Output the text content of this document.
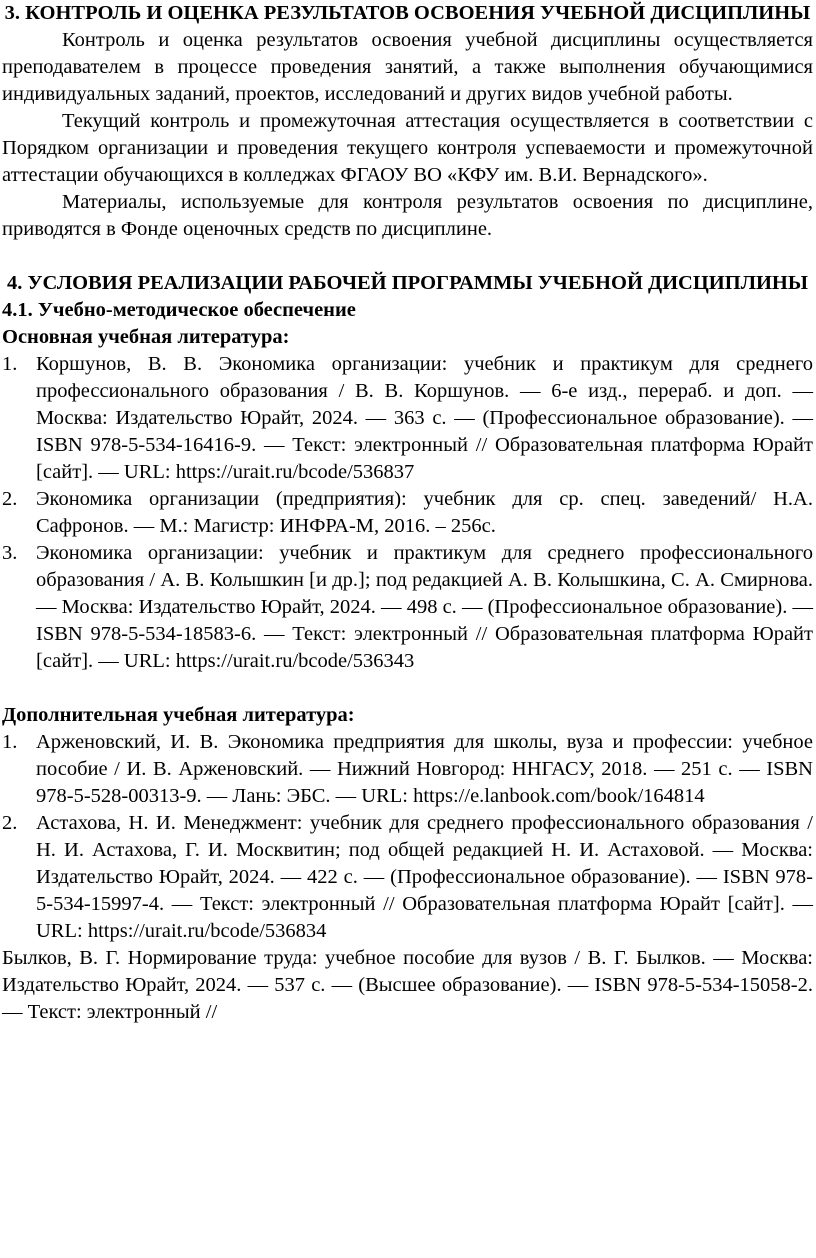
3. КОНТРОЛЬ И ОЦЕНКА РЕЗУЛЬТАТОВ ОСВОЕНИЯ УЧЕБНОЙ ДИСЦИПЛИНЫ

Контроль и оценка результатов освоения учебной дисциплины осуществляется преподавателем в процессе проведения занятий, а также выполнения обучающимися индивидуальных заданий, проектов, исследований и других видов учебной работы.

Текущий контроль и промежуточная аттестация осуществляется в соответствии с Порядком организации и проведения текущего контроля успеваемости и промежуточной аттестации обучающихся в колледжах ФГАОУ ВО «КФУ им. В.И. Вернадского».

Материалы, используемые для контроля результатов освоения по дисциплине, приводятся в Фонде оценочных средств по дисциплине.

4. УСЛОВИЯ РЕАЛИЗАЦИИ РАБОЧЕЙ ПРОГРАММЫ УЧЕБНОЙ ДИСЦИПЛИНЫ

4.1. Учебно-методическое обеспечение

Основная учебная литература:

1. Коршунов, В. В. Экономика организации: учебник и практикум для среднего профессионального образования / В. В. Коршунов. — 6-е изд., перераб. и доп. — Москва: Издательство Юрайт, 2024. — 363 с. — (Профессиональное образование). — ISBN 978-5-534-16416-9. — Текст: электронный // Образовательная платформа Юрайт [сайт]. — URL: https://urait.ru/bcode/536837
2. Экономика организации (предприятия): учебник для ср. спец. заведений/ Н.А. Сафронов. — М.: Магистр: ИНФРА-М, 2016. – 256с.
3. Экономика организации: учебник и практикум для среднего профессионального образования / А. В. Колышкин [и др.]; под редакцией А. В. Колышкина, С. А. Смирнова. — Москва: Издательство Юрайт, 2024. — 498 с. — (Профессиональное образование). — ISBN 978-5-534-18583-6. — Текст: электронный // Образовательная платформа Юрайт [сайт]. — URL: https://urait.ru/bcode/536343

Дополнительная учебная литература:

1. Арженовский, И. В. Экономика предприятия для школы, вуза и профессии: учебное пособие / И. В. Арженовский. — Нижний Новгород: ННГАСУ, 2018. — 251 с. — ISBN 978-5-528-00313-9. — Лань: ЭБС. — URL: https://e.lanbook.com/book/164814
2. Астахова, Н. И. Менеджмент: учебник для среднего профессионального образования / Н. И. Астахова, Г. И. Москвитин; под общей редакцией Н. И. Астаховой. — Москва: Издательство Юрайт, 2024. — 422 с. — (Профессиональное образование). — ISBN 978-5-534-15997-4. — Текст: электронный // Образовательная платформа Юрайт [сайт]. — URL: https://urait.ru/bcode/536834

Былков, В. Г. Нормирование труда: учебное пособие для вузов / В. Г. Былков. — Москва: Издательство Юрайт, 2024. — 537 с. — (Высшее образование). — ISBN 978-5-534-15058-2. — Текст: электронный //
